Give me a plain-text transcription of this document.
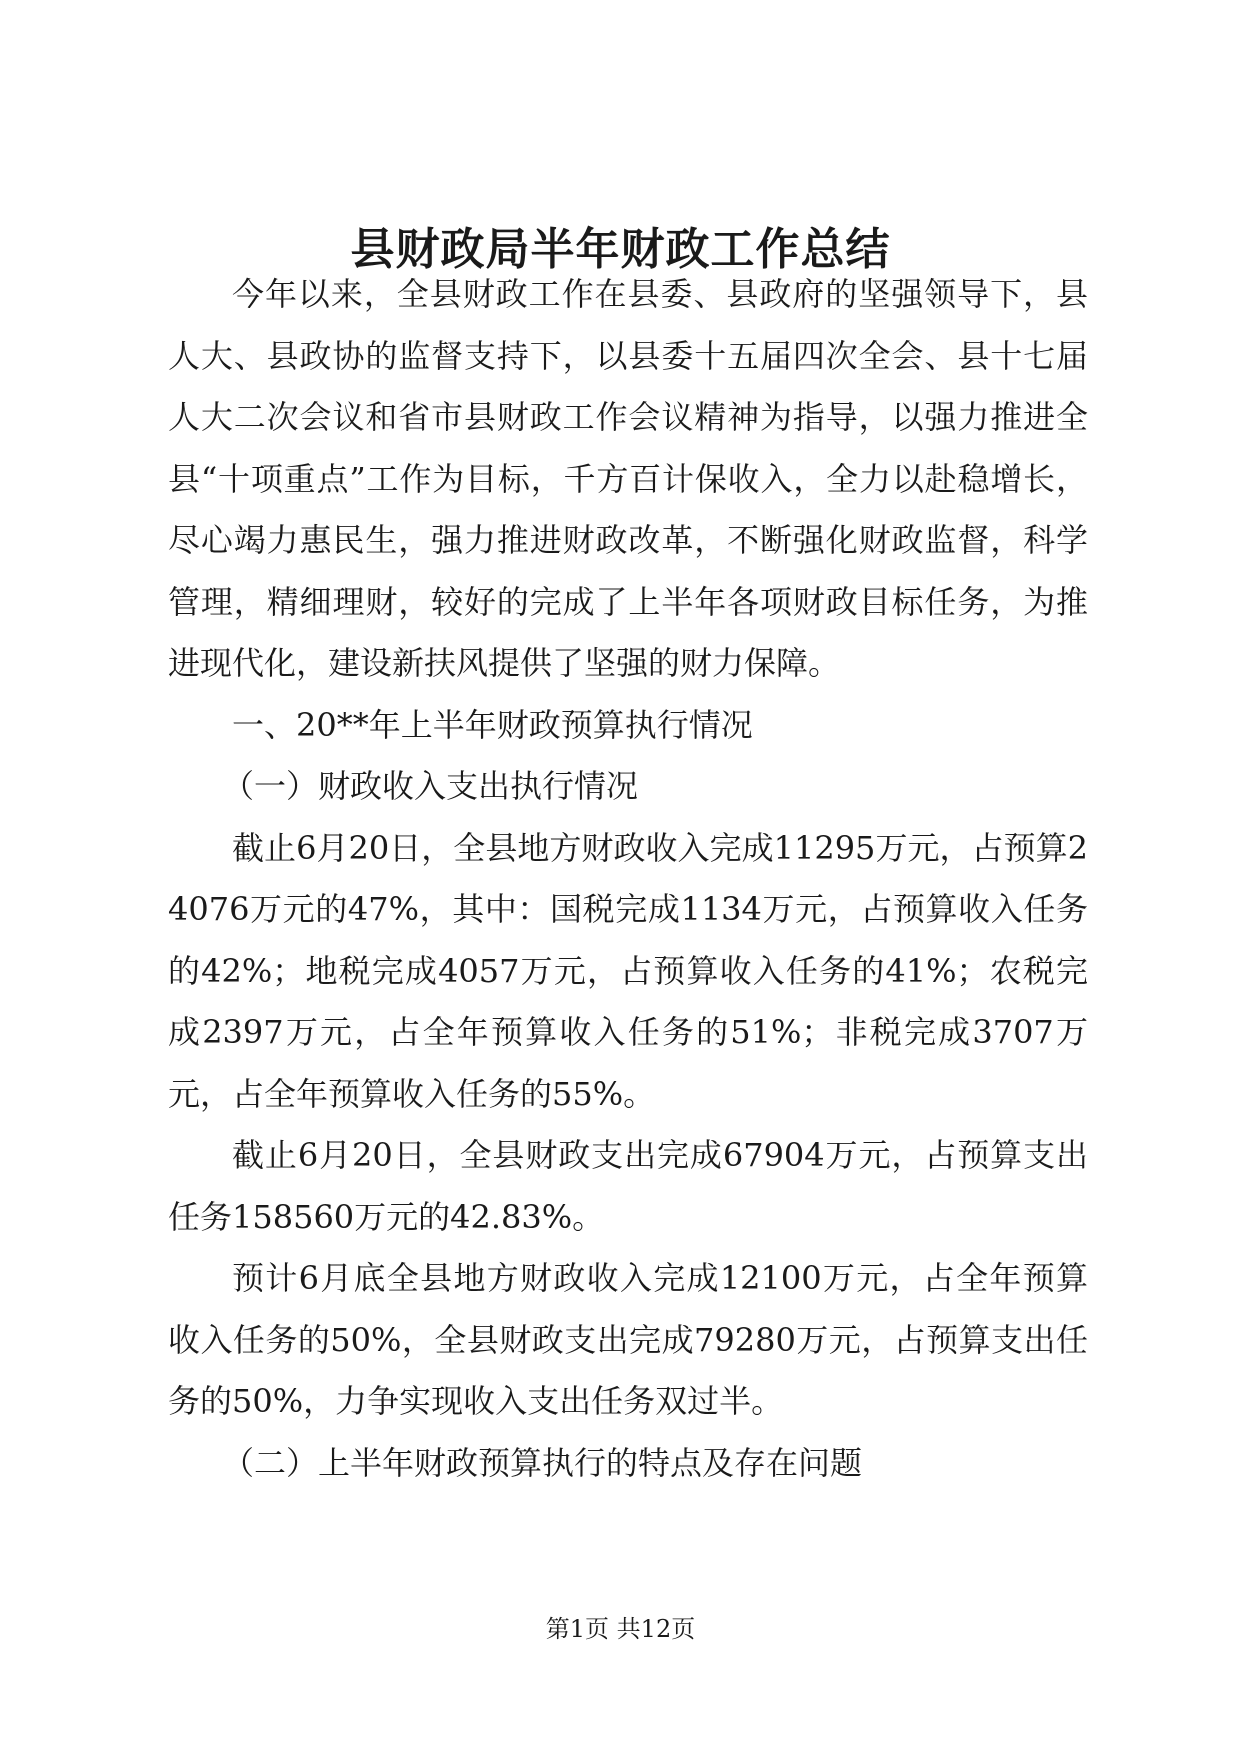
县财政局半年财政工作总结

今年以来，全县财政工作在县委、县政府的坚强领导下，县人大、县政协的监督支持下，以县委十五届四次全会、县十七届人大二次会议和省市县财政工作会议精神为指导，以强力推进全县“十项重点”工作为目标，千方百计保收入，全力以赴稳增长，尽心竭力惠民生，强力推进财政改革，不断强化财政监督，科学管理，精细理财，较好的完成了上半年各项财政目标任务，为推进现代化，建设新扶风提供了坚强的财力保障。

一、20**年上半年财政预算执行情况

（一）财政收入支出执行情况

截止6月20日，全县地方财政收入完成11295万元，占预算24076万元的47%，其中：国税完成1134万元，占预算收入任务的42%；地税完成4057万元，占预算收入任务的41%；农税完成2397万元，占全年预算收入任务的51%；非税完成3707万元，占全年预算收入任务的55%。

截止6月20日，全县财政支出完成67904万元，占预算支出任务158560万元的42.83%。

预计6月底全县地方财政收入完成12100万元，占全年预算收入任务的50%，全县财政支出完成79280万元，占预算支出任务的50%，力争实现收入支出任务双过半。

（二）上半年财政预算执行的特点及存在问题

第1页 共12页
